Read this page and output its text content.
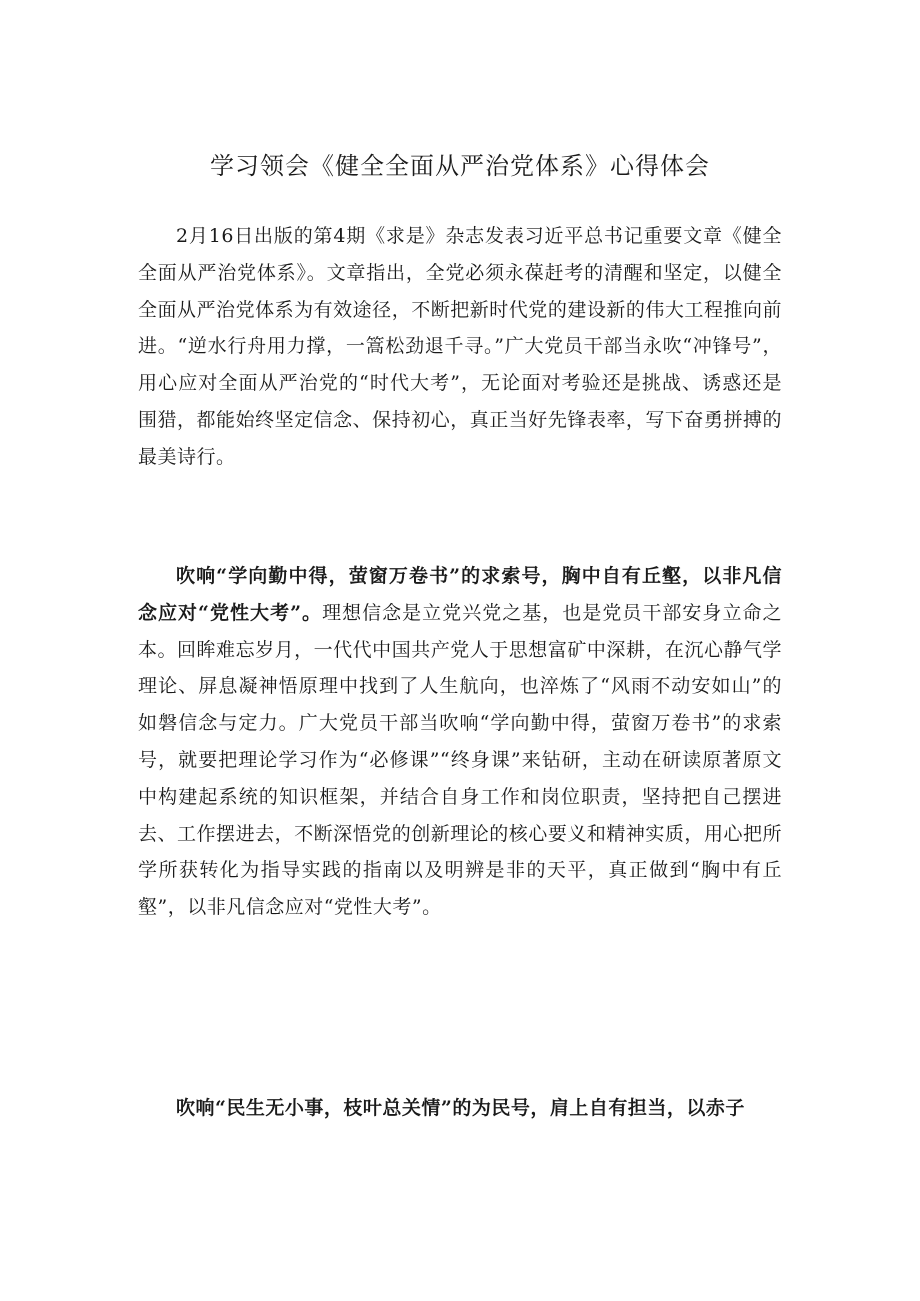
学习领会《健全全面从严治党体系》心得体会

2月16日出版的第4期《求是》杂志发表习近平总书记重要文章《健全全面从严治党体系》。文章指出，全党必须永葆赶考的清醒和坚定，以健全全面从严治党体系为有效途径，不断把新时代党的建设新的伟大工程推向前进。“逆水行舟用力撑，一篙松劲退千寻。”广大党员干部当永吹“冲锋号”，用心应对全面从严治党的“时代大考”，无论面对考验还是挑战、诱惑还是围猎，都能始终坚定信念、保持初心，真正当好先锋表率，写下奋勇拼搏的最美诗行。

吹响“学向勤中得，萤窗万卷书”的求索号，胸中自有丘壑，以非凡信念应对“党性大考”。理想信念是立党兴党之基，也是党员干部安身立命之本。回眸难忘岁月，一代代中国共产党人于思想富矿中深耕，在沉心静气学理论、屏息凝神悟原理中找到了人生航向，也淬炼了“风雨不动安如山”的如磐信念与定力。广大党员干部当吹响“学向勤中得，萤窗万卷书”的求索号，就要把理论学习作为“必修课”“终身课”来钻研，主动在研读原著原文中构建起系统的知识框架，并结合自身工作和岗位职责，坚持把自己摆进去、工作摆进去，不断深悟党的创新理论的核心要义和精神实质，用心把所学所获转化为指导实践的指南以及明辨是非的天平，真正做到“胸中有丘壑”，以非凡信念应对“党性大考”。

吹响“民生无小事，枝叶总关情”的为民号，肩上自有担当，以赤子
